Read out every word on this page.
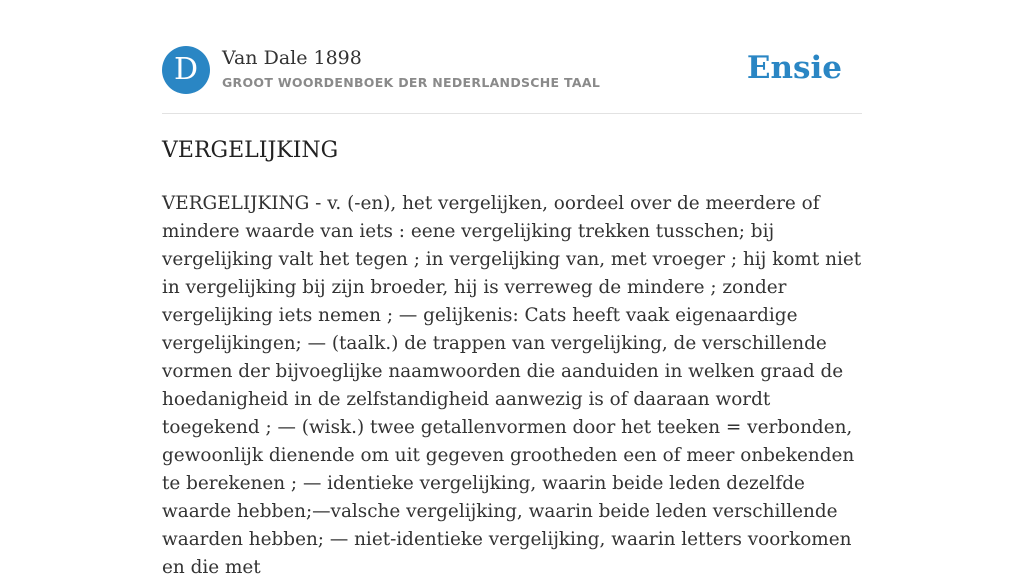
D	Van Dale 1898
GROOT WOORDENBOEK DER NEDERLANDSCHE TAAL	Ensie
VERGELIJKING

VERGELIJKING - v. (-en), het vergelijken, oordeel over de meerdere of mindere waarde van iets : eene vergelijking trekken tusschen; bij vergelijking valt het tegen ; in vergelijking van, met vroeger ; hij komt niet in vergelijking bij zijn broeder, hij is verreweg de mindere ; zonder vergelijking iets nemen ; — gelijkenis: Cats heeft vaak eigenaardige vergelijkingen; — (taalk.) de trappen van vergelijking, de verschillende vormen der bijvoeglijke naamwoorden die aanduiden in welken graad de hoedanigheid in de zelfstandigheid aanwezig is of daaraan wordt toegekend ; — (wisk.) twee getallenvormen door het teeken = verbonden, gewoonlijk dienende om uit gegeven grootheden een of meer onbekenden te berekenen ; — identieke vergelijking, waarin beide leden dezelfde waarde hebben;—valsche vergelijking, waarin beide leden verschillende waarden hebben; — niet-identieke vergelijking, waarin letters voorkomen en die met
